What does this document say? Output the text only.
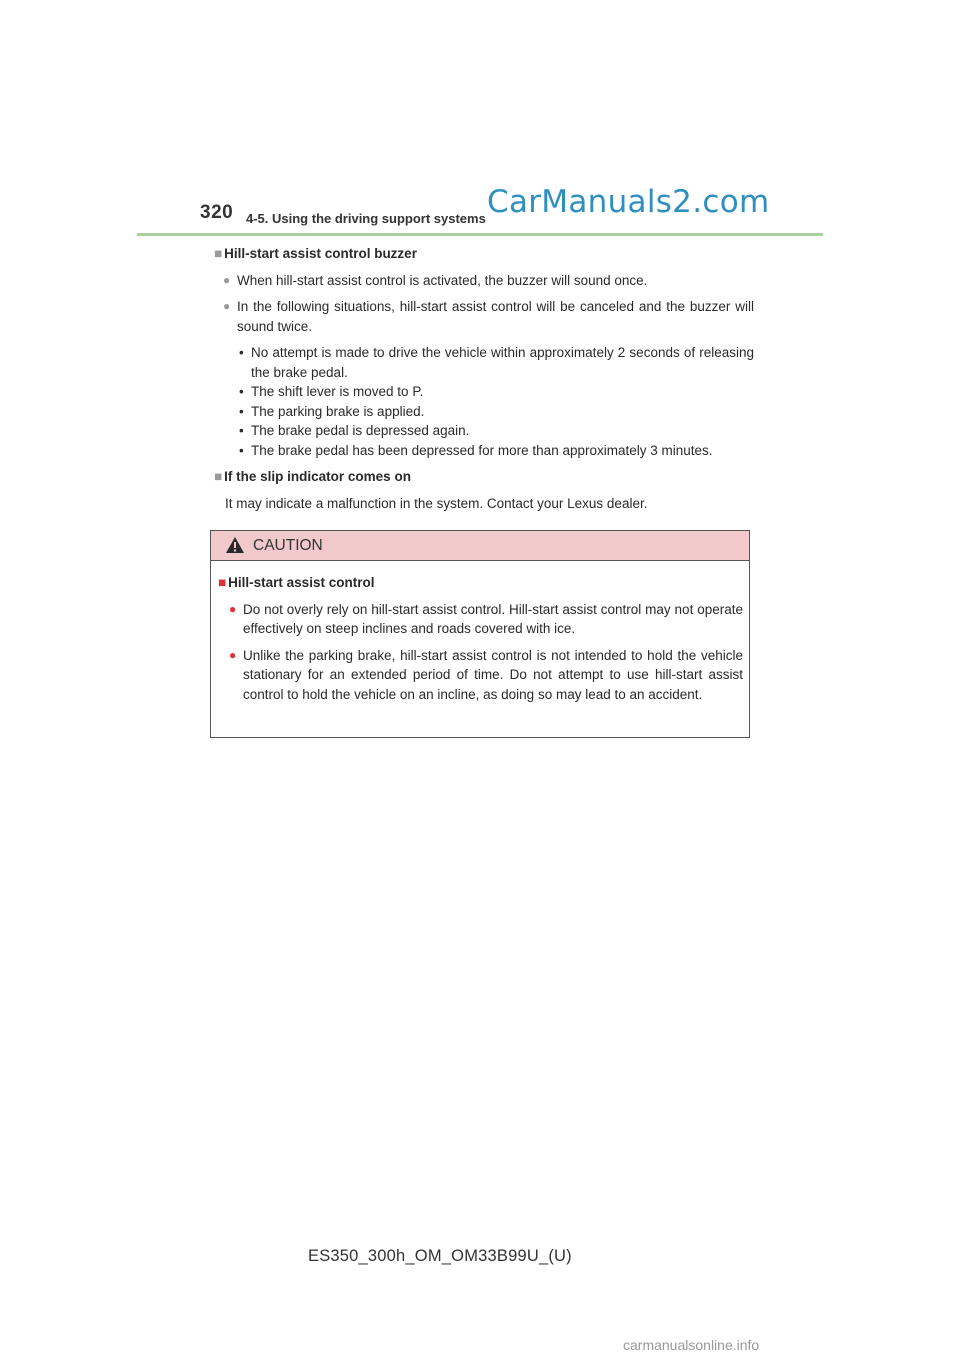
320 4-5. Using the driving support systems CarManuals2.com
■ Hill-start assist control buzzer
● When hill-start assist control is activated, the buzzer will sound once.
● In the following situations, hill-start assist control will be canceled and the buzzer will sound twice.
• No attempt is made to drive the vehicle within approximately 2 seconds of releasing the brake pedal.
• The shift lever is moved to P.
• The parking brake is applied.
• The brake pedal is depressed again.
• The brake pedal has been depressed for more than approximately 3 minutes.
■ If the slip indicator comes on
It may indicate a malfunction in the system. Contact your Lexus dealer.
CAUTION
■ Hill-start assist control
● Do not overly rely on hill-start assist control. Hill-start assist control may not operate effectively on steep inclines and roads covered with ice.
● Unlike the parking brake, hill-start assist control is not intended to hold the vehicle stationary for an extended period of time. Do not attempt to use hill-start assist control to hold the vehicle on an incline, as doing so may lead to an accident.
ES350_300h_OM_OM33B99U_(U)
carmanualsonline.info
